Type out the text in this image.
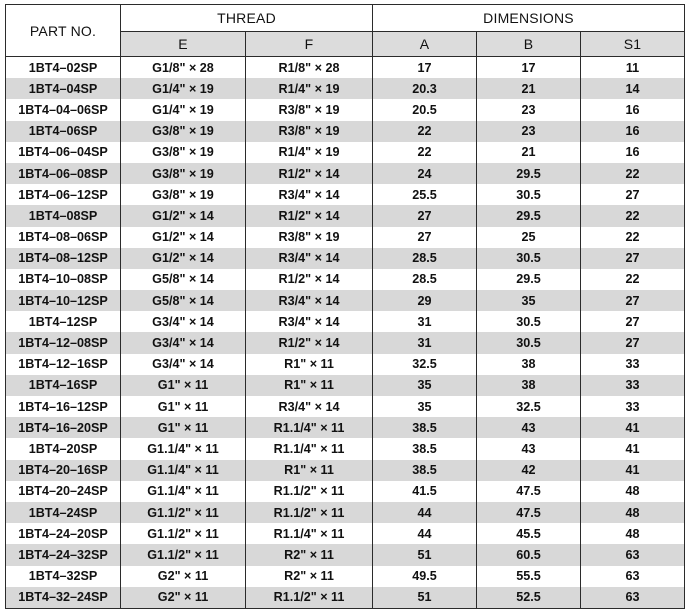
PART NO.	THREAD		DIMENSIONS		
	E	F	A	B	S1
1BT4–02SP	G1/8" × 28	R1/8" × 28	17	17	11
1BT4–04SP	G1/4" × 19	R1/4" × 19	20.3	21	14
1BT4–04–06SP	G1/4" × 19	R3/8" × 19	20.5	23	16
1BT4–06SP	G3/8" × 19	R3/8" × 19	22	23	16
1BT4–06–04SP	G3/8" × 19	R1/4" × 19	22	21	16
1BT4–06–08SP	G3/8" × 19	R1/2" × 14	24	29.5	22
1BT4–06–12SP	G3/8" × 19	R3/4" × 14	25.5	30.5	27
1BT4–08SP	G1/2" × 14	R1/2" × 14	27	29.5	22
1BT4–08–06SP	G1/2" × 14	R3/8" × 19	27	25	22
1BT4–08–12SP	G1/2" × 14	R3/4" × 14	28.5	30.5	27
1BT4–10–08SP	G5/8" × 14	R1/2" × 14	28.5	29.5	22
1BT4–10–12SP	G5/8" × 14	R3/4" × 14	29	35	27
1BT4–12SP	G3/4" × 14	R3/4" × 14	31	30.5	27
1BT4–12–08SP	G3/4" × 14	R1/2" × 14	31	30.5	27
1BT4–12–16SP	G3/4" × 14	R1" × 11	32.5	38	33
1BT4–16SP	G1" × 11	R1" × 11	35	38	33
1BT4–16–12SP	G1" × 11	R3/4" × 14	35	32.5	33
1BT4–16–20SP	G1" × 11	R1.1/4" × 11	38.5	43	41
1BT4–20SP	G1.1/4" × 11	R1.1/4" × 11	38.5	43	41
1BT4–20–16SP	G1.1/4" × 11	R1" × 11	38.5	42	41
1BT4–20–24SP	G1.1/4" × 11	R1.1/2" × 11	41.5	47.5	48
1BT4–24SP	G1.1/2" × 11	R1.1/2" × 11	44	47.5	48
1BT4–24–20SP	G1.1/2" × 11	R1.1/4" × 11	44	45.5	48
1BT4–24–32SP	G1.1/2" × 11	R2" × 11	51	60.5	63
1BT4–32SP	G2" × 11	R2" × 11	49.5	55.5	63
1BT4–32–24SP	G2" × 11	R1.1/2" × 11	51	52.5	63
